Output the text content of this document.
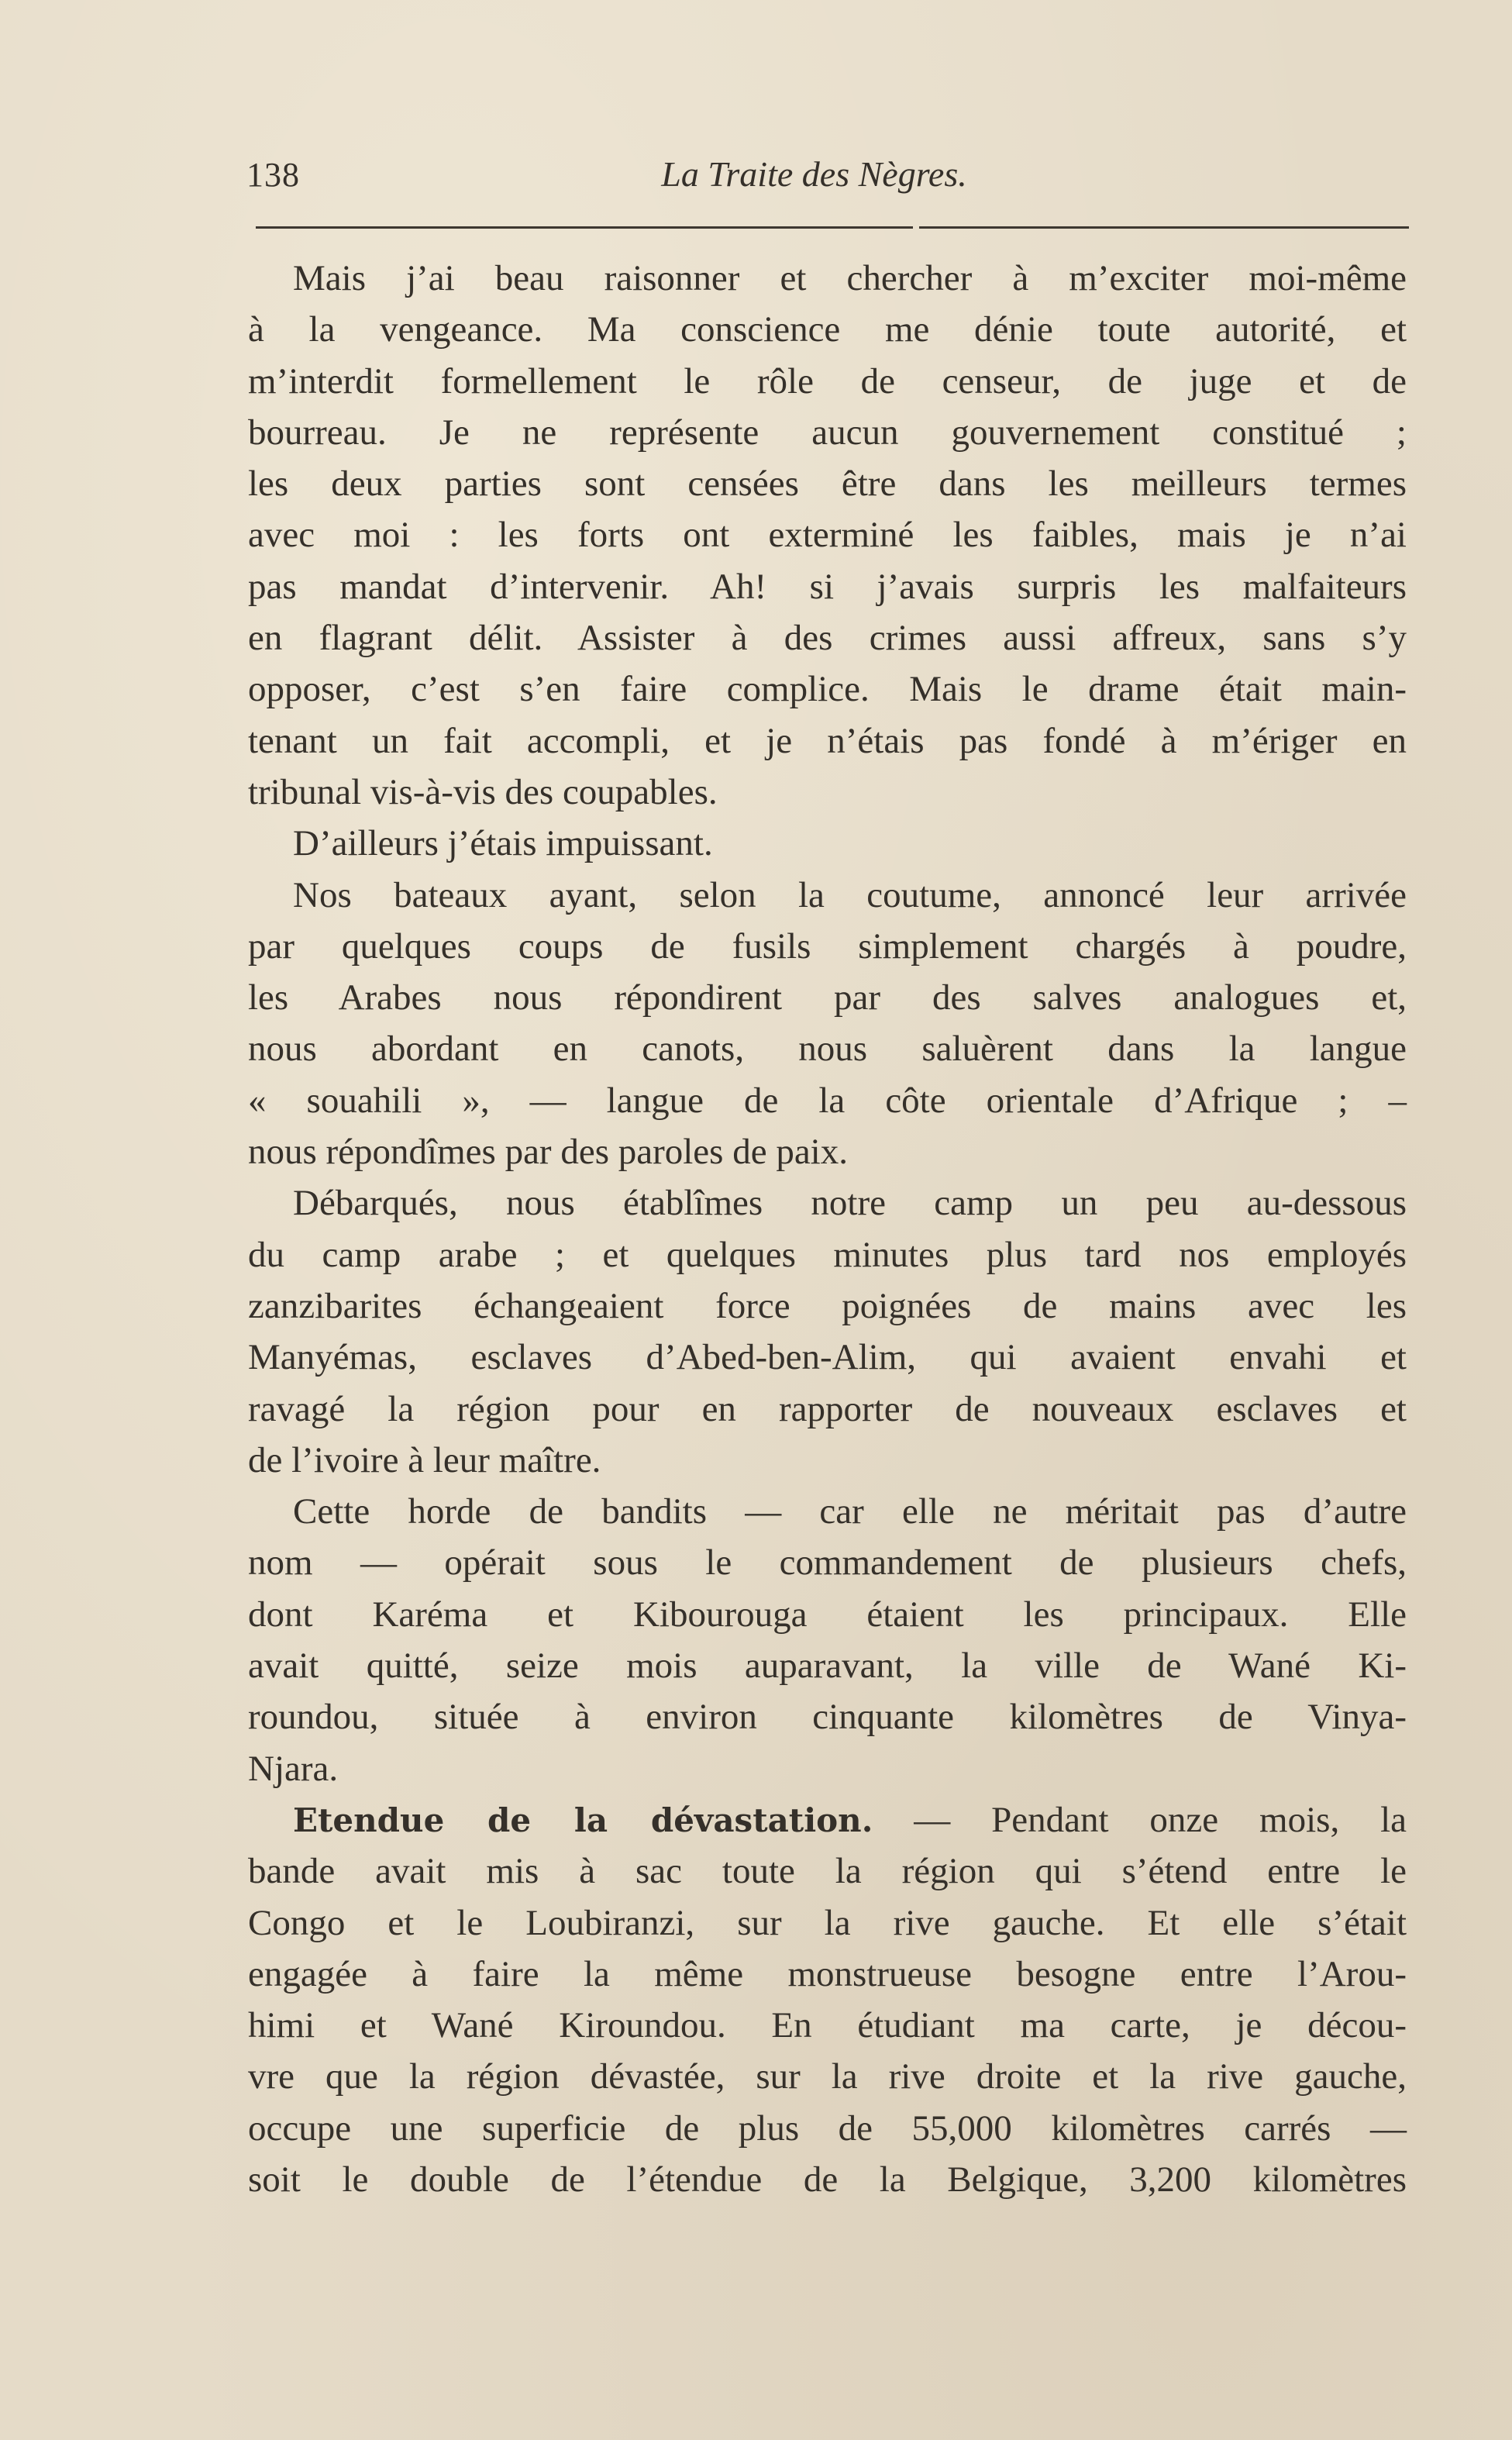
138	La Traite des Nègres.
Mais j’ai beau raisonner et chercher à m’exciter moi-même
à la vengeance. Ma conscience me dénie toute autorité, et
m’interdit formellement le rôle de censeur, de juge et de
bourreau. Je ne représente aucun gouvernement constitué ;
les deux parties sont censées être dans les meilleurs termes
avec moi : les forts ont exterminé les faibles, mais je n’ai
pas mandat d’intervenir. Ah! si j’avais surpris les malfaiteurs
en flagrant délit. Assister à des crimes aussi affreux, sans s’y
opposer, c’est s’en faire complice. Mais le drame était main-
tenant un fait accompli, et je n’étais pas fondé à m’ériger en
tribunal vis-à-vis des coupables.
D’ailleurs j’étais impuissant.
Nos bateaux ayant, selon la coutume, annoncé leur arrivée
par quelques coups de fusils simplement chargés à poudre,
les Arabes nous répondirent par des salves analogues et,
nous abordant en canots, nous saluèrent dans la langue
« souahili », — langue de la côte orientale d’Afrique ; –
nous répondîmes par des paroles de paix.
Débarqués, nous établîmes notre camp un peu au-dessous
du camp arabe ; et quelques minutes plus tard nos employés
zanzibarites échangeaient force poignées de mains avec les
Manyémas, esclaves d’Abed-ben-Alim, qui avaient envahi et
ravagé la région pour en rapporter de nouveaux esclaves et
de l’ivoire à leur maître.
Cette horde de bandits — car elle ne méritait pas d’autre
nom — opérait sous le commandement de plusieurs chefs,
dont Karéma et Kibourouga étaient les principaux. Elle
avait quitté, seize mois auparavant, la ville de Wané Ki-
roundou, située à environ cinquante kilomètres de Vinya-
Njara.
Etendue de la dévastation. — Pendant onze mois, la
bande avait mis à sac toute la région qui s’étend entre le
Congo et le Loubiranzi, sur la rive gauche. Et elle s’était
engagée à faire la même monstrueuse besogne entre l’Arou-
himi et Wané Kiroundou. En étudiant ma carte, je décou-
vre que la région dévastée, sur la rive droite et la rive gauche,
occupe une superficie de plus de 55,000 kilomètres carrés —
soit le double de l’étendue de la Belgique, 3,200 kilomètres
